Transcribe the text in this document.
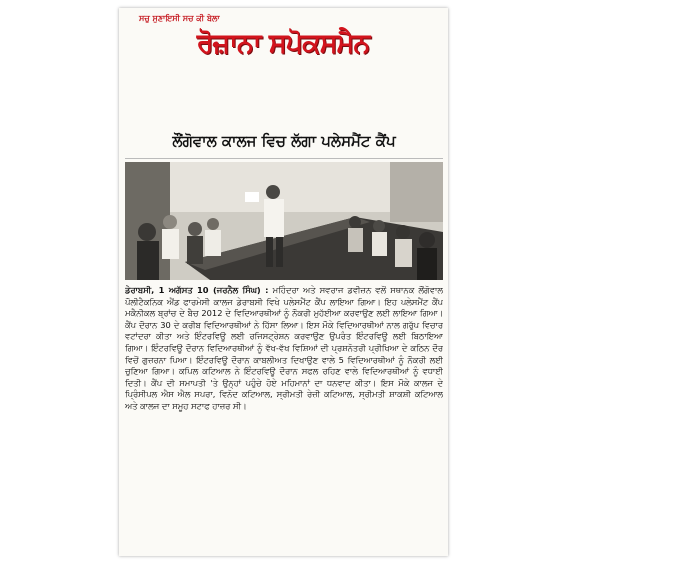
ਸਚੁ ਸੁਣਾਇਸੀ ਸਚ ਕੀ ਬੇਲਾ
ਰੋਜ਼ਾਨਾ ਸਪੋਕਸਮੈਨ
ਲੌਂਗੋਵਾਲ ਕਾਲਜ ਵਿਚ ਲੱਗਾ ਪਲੇਸਮੈਂਟ ਕੈਂਪ
ਡੇਰਾਬਸੀ, 1 ਅਗੱਸਤ 10 (ਜਰਨੈਲ ਸਿੰਘ) : ਮਹਿੰਦਰਾ ਅਤੇ ਸਵਰਾਜ ਡਵੀਜ਼ਨ ਵਲੋਂ ਸਥਾਨਕ ਲੌਂਗੋਵਾਲ ਪੌਲੀਟੈਕਨਿਕ ਐਂਡ ਫਾਰਮੇਸੀ ਕਾਲਜ ਡੇਰਾਬਸੀ ਵਿਖੇ ਪਲੇਸਮੈਂਟ ਕੈਂਪ ਲਾਇਆ ਗਿਆ। ਇਹ ਪਲੇਸਮੈਂਟ ਕੈਂਪ ਮਕੈਨੀਕਲ ਬ੍ਰਾਂਚ ਦੇ ਬੈਚ 2012 ਦੇ ਵਿਦਿਆਰਥੀਆਂ ਨੂੰ ਨੌਕਰੀ ਮੁਹੱਈਆ ਕਰਵਾਉਣ ਲਈ ਲਾਇਆ ਗਿਆ। ਕੈਂਪ ਦੌਰਾਨ 30 ਦੇ ਕਰੀਬ ਵਿਦਿਆਰਥੀਆਂ ਨੇ ਹਿੱਸਾ ਲਿਆ। ਇਸ ਮੌਕੇ ਵਿਦਿਆਰਥੀਆਂ ਨਾਲ ਗਰੁੱਪ ਵਿਚਾਰ ਵਟਾਂਦਰਾ ਕੀਤਾ ਅਤੇ ਇੰਟਰਵਿਊ ਲਈ ਰਜਿਸਟ੍ਰੇਸ਼ਨ ਕਰਵਾਉਣ ਉਪਰੰਤ ਇੰਟਰਵਿਊ ਲਈ ਬਿਠਾਇਆ ਗਿਆ। ਇੰਟਰਵਿਊ ਦੌਰਾਨ ਵਿਦਿਆਰਥੀਆਂ ਨੂੰ ਵੱਖ-ਵੱਖ ਵਿਸ਼ਿਆਂ ਦੀ ਪ੍ਰਸ਼ਨੋਤਰੀ ਪ੍ਰੀਖਿਆ ਦੇ ਕਠਿਨ ਦੌਰ ਵਿਚੋਂ ਗੁਜ਼ਰਨਾ ਪਿਆ। ਇੰਟਰਵਿਊ ਦੌਰਾਨ ਕਾਬਲੀਅਤ ਦਿਖਾਉਣ ਵਾਲੇ 5 ਵਿਦਿਆਰਥੀਆਂ ਨੂੰ ਨੌਕਰੀ ਲਈ ਚੁਣਿਆ ਗਿਆ। ਕਪਿਲ ਕਟਿਆਲ ਨੇ ਇੰਟਰਵਿਊ ਦੌਰਾਨ ਸਫਲ ਰਹਿਣ ਵਾਲੇ ਵਿਦਿਆਰਥੀਆਂ ਨੂੰ ਵਧਾਈ ਦਿਤੀ। ਕੈਂਪ ਦੀ ਸਮਾਪਤੀ 'ਤੇ ਉਨ੍ਹਾਂ ਪਹੁੰਚੇ ਹੋਏ ਮਹਿਮਾਨਾਂ ਦਾ ਧਨਵਾਦ ਕੀਤਾ। ਇਸ ਮੌਕੇ ਕਾਲਜ ਦੇ ਪ੍ਰਿੰਸੀਪਲ ਐਸ ਐਲ ਸਪਰਾ, ਵਿਨੋਦ ਕਟਿਆਲ, ਸ੍ਰੀਮਤੀ ਰੇਜ਼ੀ ਕਟਿਆਲ, ਸ੍ਰੀਮਤੀ ਸ਼ਾਕਸ਼ੀ ਕਟਿਆਲ ਅਤੇ ਕਾਲਜ ਦਾ ਸਮੂਹ ਸਟਾਫ ਹਾਜ਼ਰ ਸੀ।
